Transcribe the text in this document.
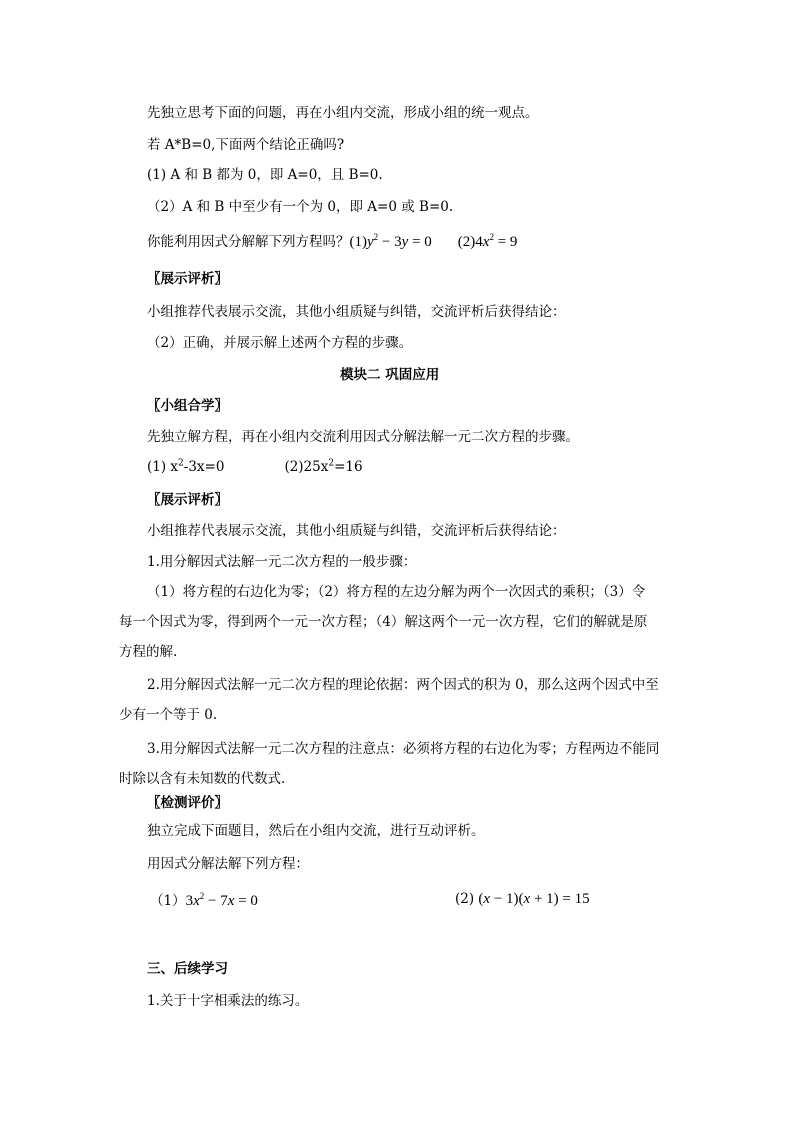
先独立思考下面的问题，再在小组内交流，形成小组的统一观点。
若 A*B=0,下面两个结论正确吗?
(1) A 和 B 都为 0，即 A=0，且 B=0.
（2）A 和 B 中至少有一个为 0，即 A=0 或 B=0.
你能利用因式分解解下列方程吗？$(1)y^2 - 3y = 0$ $(2)4x^2 = 9$
〖展示评析〗
小组推荐代表展示交流，其他小组质疑与纠错，交流评析后获得结论：
（2）正确，并展示解上述两个方程的步骤。
模块二 巩固应用
〖小组合学〗
先独立解方程，再在小组内交流利用因式分解法解一元二次方程的步骤。
(1) $x^2-3x=0$	$(2)25x^2=16$
〖展示评析〗
小组推荐代表展示交流，其他小组质疑与纠错，交流评析后获得结论：
1.用分解因式法解一元二次方程的一般步骤：
（1）将方程的右边化为零；（2）将方程的左边分解为两个一次因式的乘积；（3）令
每一个因式为零，得到两个一元一次方程；（4）解这两个一元一次方程，它们的解就是原
方程的解.
2.用分解因式法解一元二次方程的理论依据：两个因式的积为 0，那么这两个因式中至
少有一个等于 0.
3.用分解因式法解一元二次方程的注意点：必须将方程的右边化为零；方程两边不能同
时除以含有未知数的代数式.
〖检测评价〗
独立完成下面题目，然后在小组内交流，进行互动评析。
用因式分解法解下列方程：
$(1)3x^2 - 7x = 0$	(2) (x − 1)(x + 1) = 15
三、后续学习
1.关于十字相乘法的练习。
